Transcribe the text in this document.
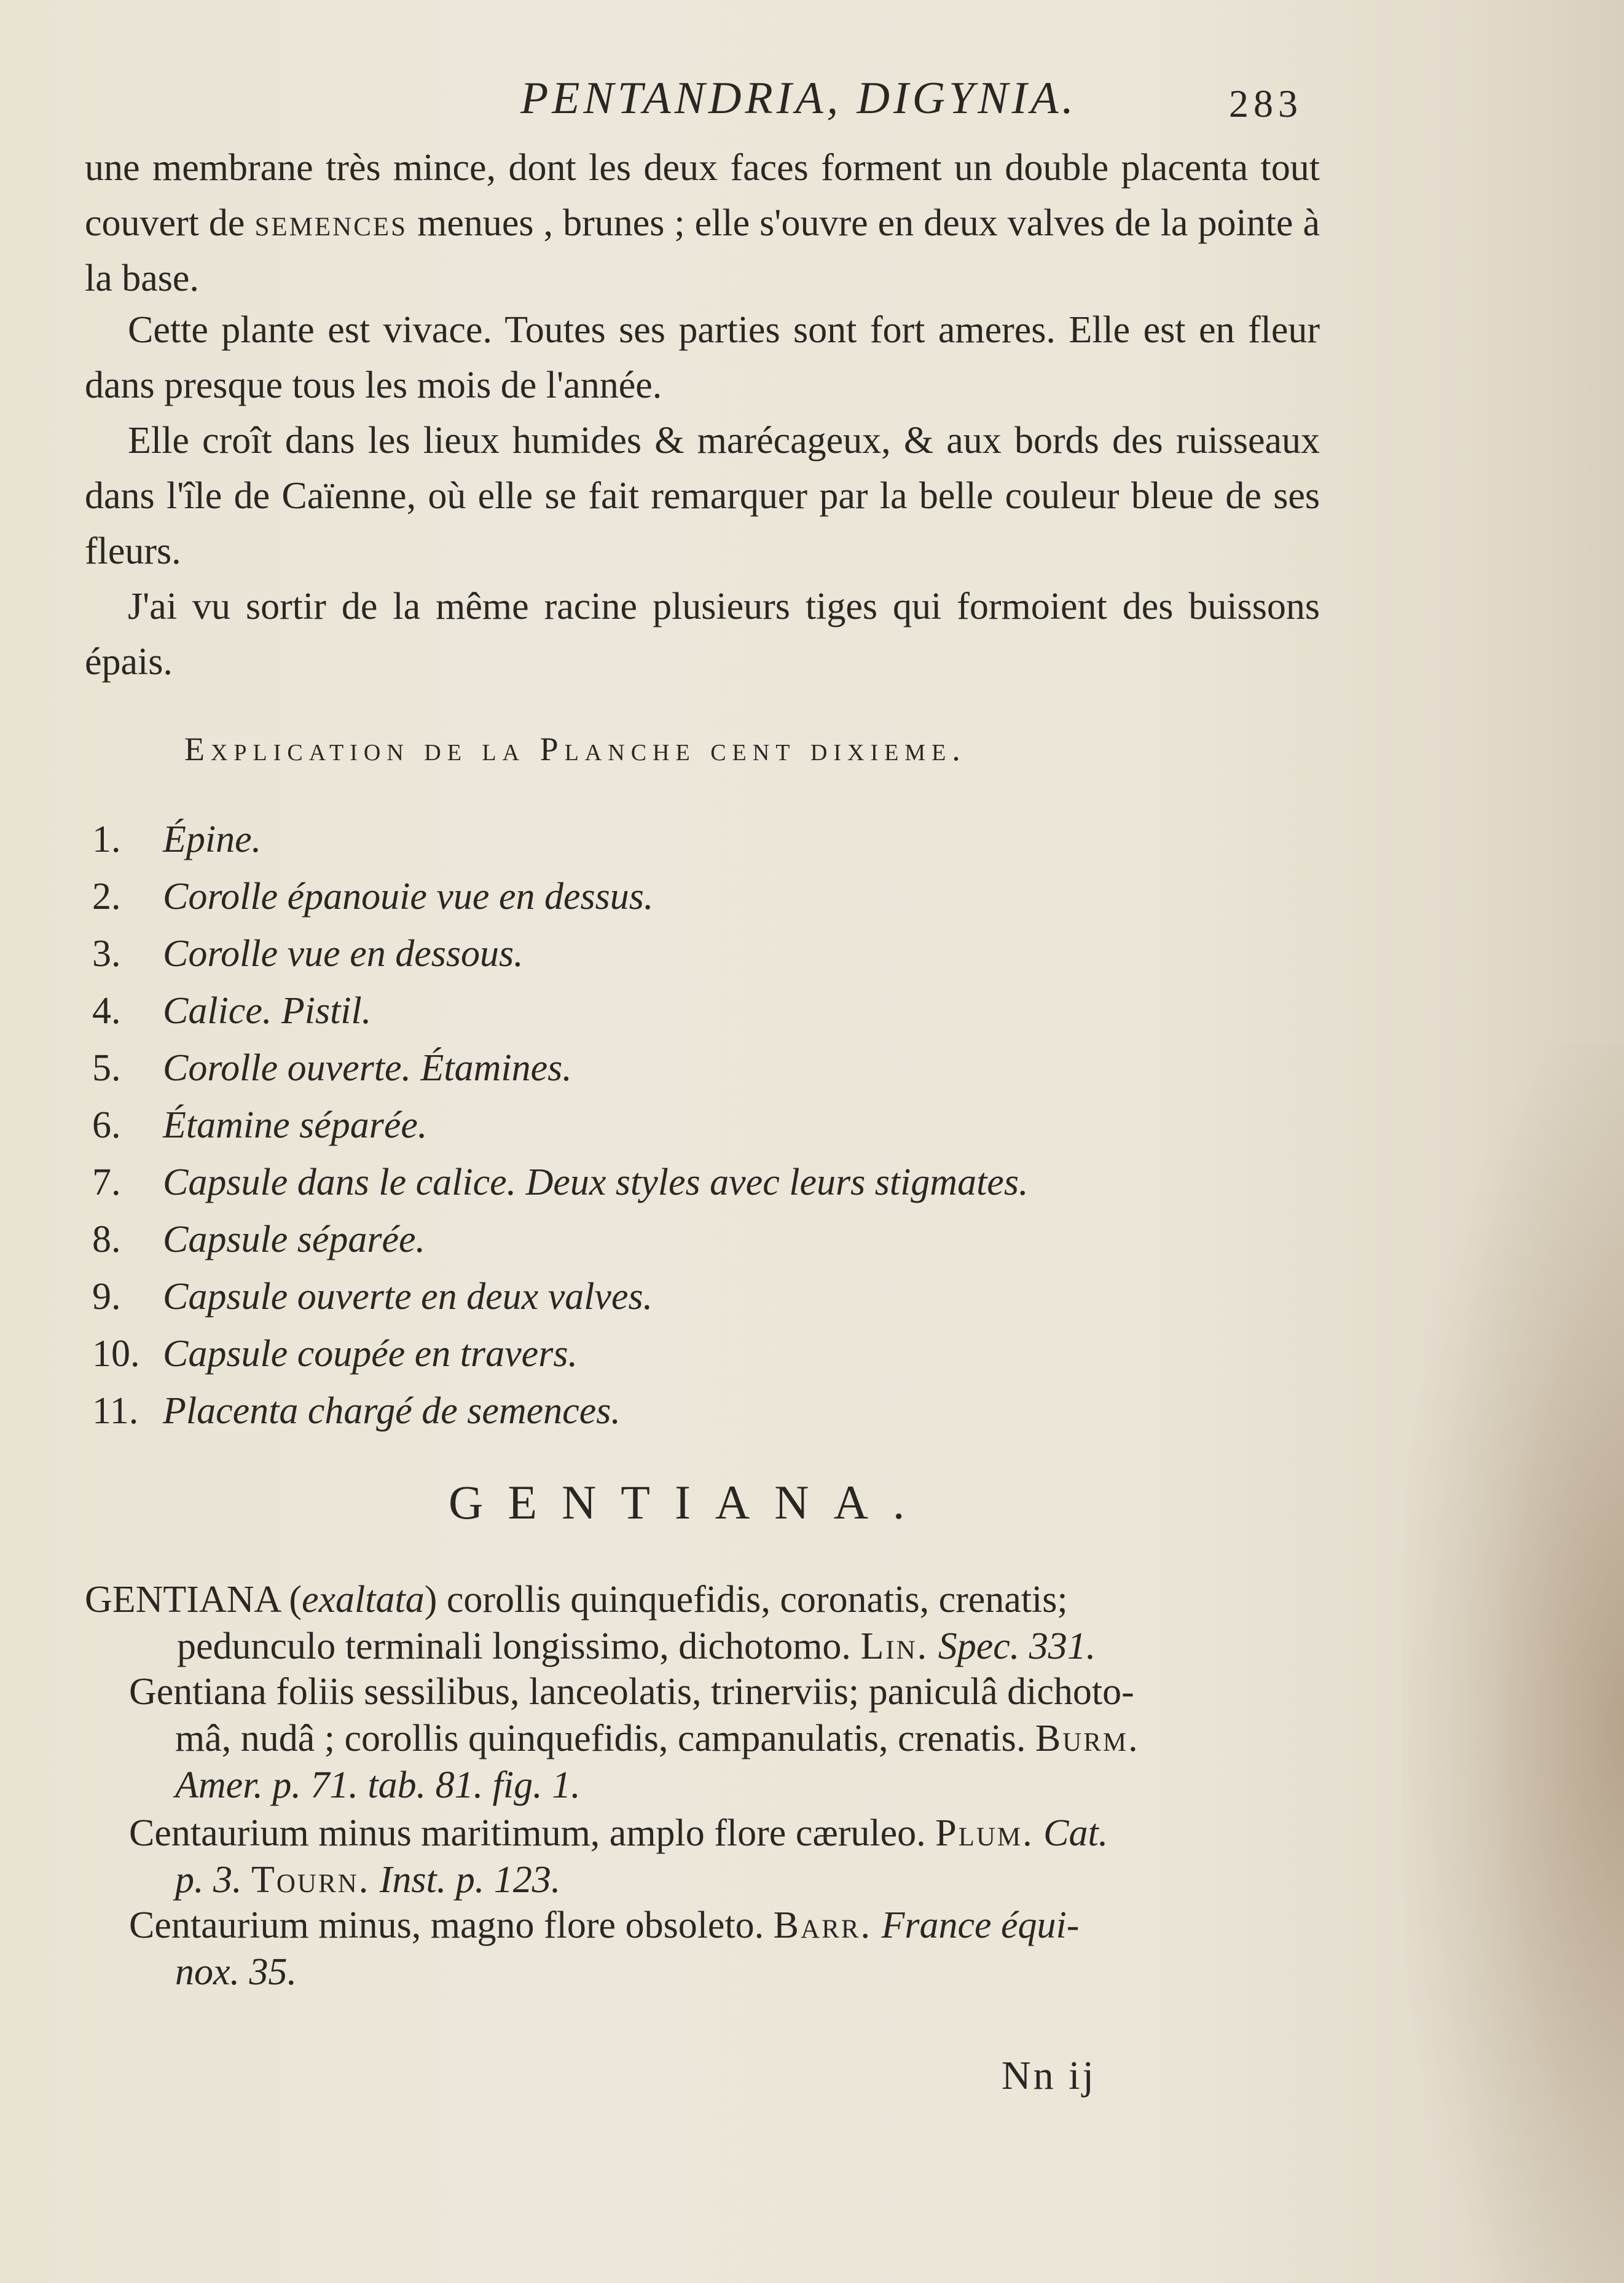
PENTANDRIA, DIGYNIA.	283
une membrane très mince, dont les deux faces forment un double placenta tout couvert de semences menues , brunes ; elle s'ouvre en deux valves de la pointe à la base.
Cette plante est vivace. Toutes ses parties sont fort ameres. Elle est en fleur dans presque tous les mois de l'année.
Elle croît dans les lieux humides & marécageux, & aux bords des ruisseaux dans l'île de Caïenne, où elle se fait remarquer par la belle couleur bleue de ses fleurs.
J'ai vu sortir de la même racine plusieurs tiges qui formoient des buissons épais.
Explication de la Planche cent dixieme.
1. Épine.
2. Corolle épanouie vue en dessus.
3. Corolle vue en dessous.
4. Calice. Pistil.
5. Corolle ouverte. Étamines.
6. Étamine séparée.
7. Capsule dans le calice. Deux styles avec leurs stigmates.
8. Capsule séparée.
9. Capsule ouverte en deux valves.
10. Capsule coupée en travers.
11. Placenta chargé de semences.
GENTIANA.
GENTIANA (exaltata) corollis quinquefidis, coronatis, crenatis;
pedunculo terminali longissimo, dichotomo. Lin. Spec. 331.
Gentiana foliis sessilibus, lanceolatis, trinerviis; paniculâ dichoto-
mâ, nudâ ; corollis quinquefidis, campanulatis, crenatis. Burm.
Amer. p. 71. tab. 81. fig. 1.
Centaurium minus maritimum, amplo flore cæruleo. Plum. Cat.
p. 3. Tourn. Inst. p. 123.
Centaurium minus, magno flore obsoleto. Barr. France équi-
nox. 35.
Nn ij
